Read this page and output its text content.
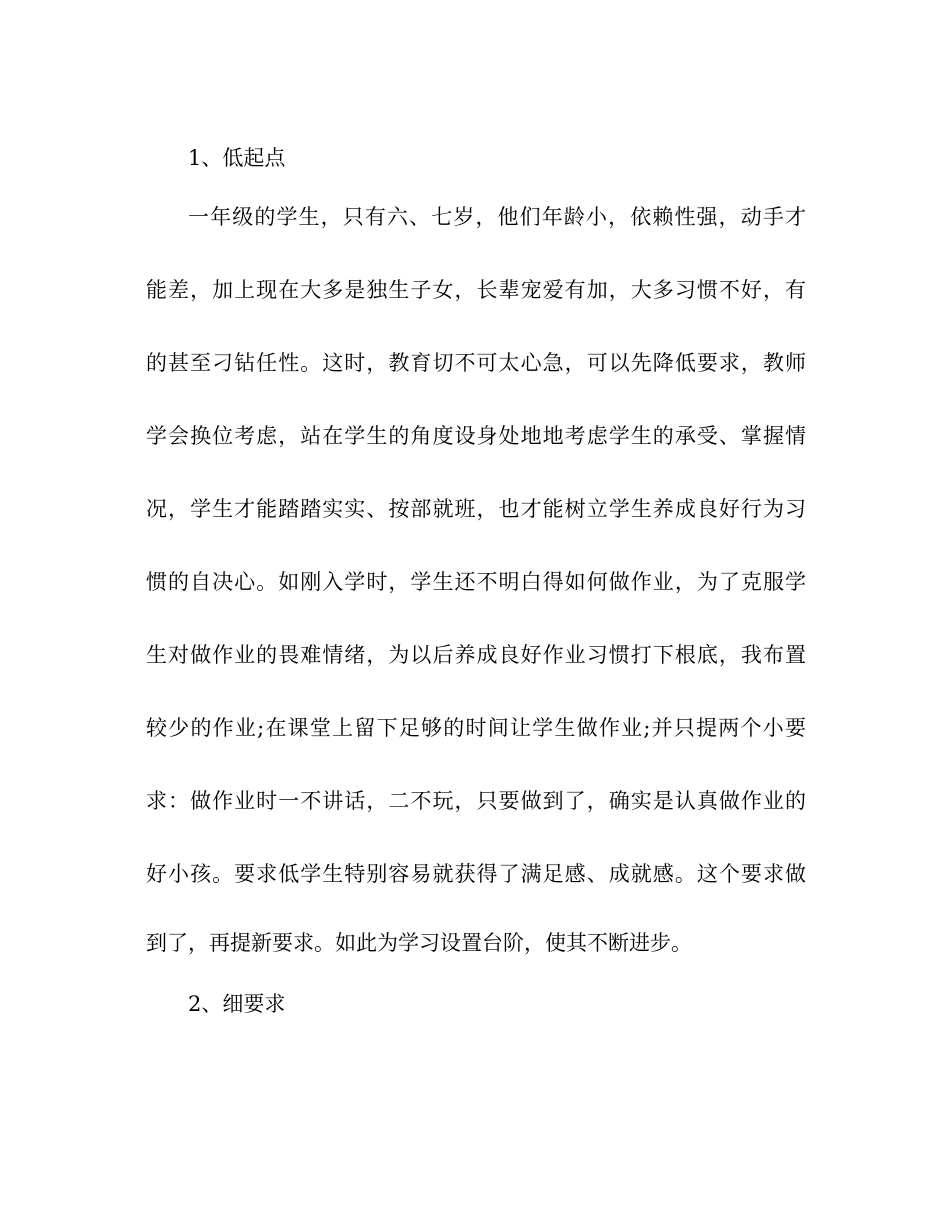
1、低起点
一年级的学生，只有六、七岁，他们年龄小，依赖性强，动手才
能差，加上现在大多是独生子女，长辈宠爱有加，大多习惯不好，有
的甚至刁钻任性。这时，教育切不可太心急，可以先降低要求，教师
学会换位考虑，站在学生的角度设身处地地考虑学生的承受、掌握情
况，学生才能踏踏实实、按部就班，也才能树立学生养成良好行为习
惯的自决心。如刚入学时，学生还不明白得如何做作业，为了克服学
生对做作业的畏难情绪，为以后养成良好作业习惯打下根底，我布置
较少的作业;在课堂上留下足够的时间让学生做作业;并只提两个小要
求：做作业时一不讲话，二不玩，只要做到了，确实是认真做作业的
好小孩。要求低学生特别容易就获得了满足感、成就感。这个要求做
到了，再提新要求。如此为学习设置台阶，使其不断进步。
2、细要求
